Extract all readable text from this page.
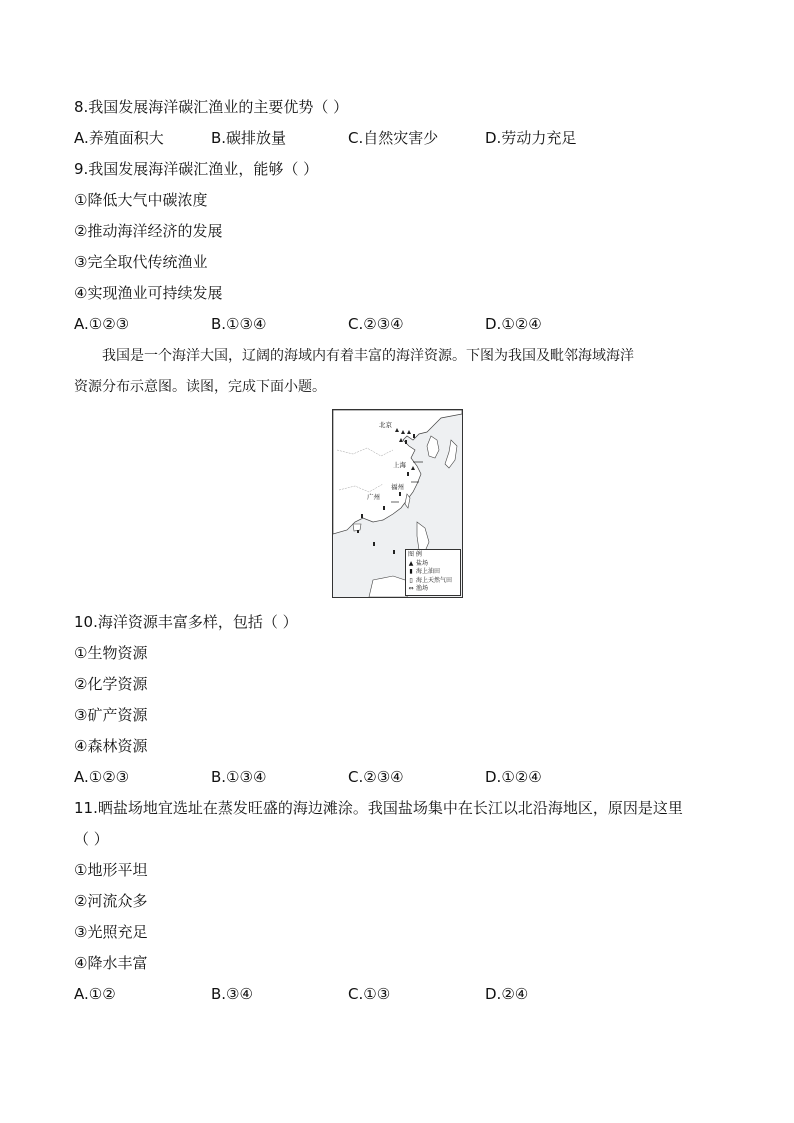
8.我国发展海洋碳汇渔业的主要优势（ ）
A.养殖面积大	B.碳排放量	C.自然灾害少	D.劳动力充足
9.我国发展海洋碳汇渔业，能够（ ）
①降低大气中碳浓度
②推动海洋经济的发展
③完全取代传统渔业
④实现渔业可持续发展
A.①②③	B.①③④	C.②③④	D.①②④
我国是一个海洋大国，辽阔的海域内有着丰富的海洋资源。下图为我国及毗邻海域海洋
资源分布示意图。读图，完成下面小题。
北京
上海
福州
广州
图 例
▲ 盐场
▮ 海上油田
▯ 海上天然气田
⇔ 渔场
10.海洋资源丰富多样，包括（ ）
①生物资源
②化学资源
③矿产资源
④森林资源
A.①②③	B.①③④	C.②③④	D.①②④
11.晒盐场地宜选址在蒸发旺盛的海边滩涂。我国盐场集中在长江以北沿海地区，原因是这里
（ ）
①地形平坦
②河流众多
③光照充足
④降水丰富
A.①②	B.③④	C.①③	D.②④
